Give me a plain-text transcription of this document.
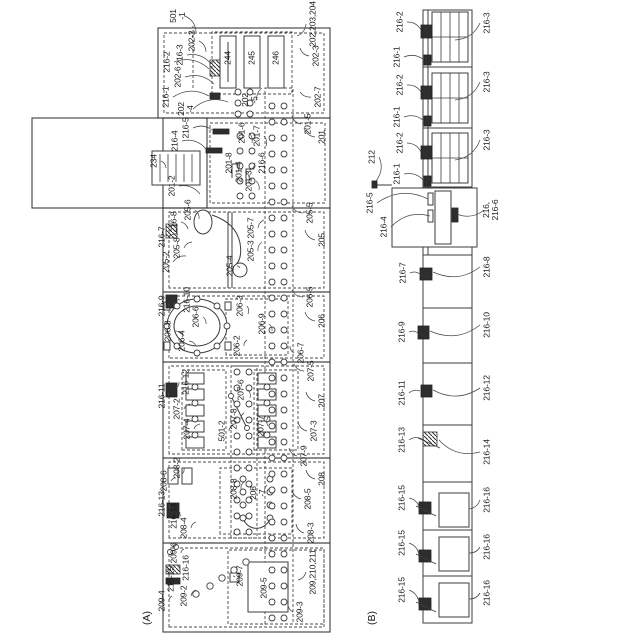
(A)	(B)
501
-1
202-2
216-2 216-3
202-6
216-1
202
-4
244 245 246
202,203,204
202-3
202
-5	202-7
201-5
201
201-6 201-7
216-5
216-4
234	216-6
201-8 201-4 201-3
201-2
205-6
216-8
216-7
205-8
205-2	205-4
205-3
205-7
205-5
205
206-5
216-10
216-9
206-6
206-8 206-4	206-2
206-3
206-9	206
206-7
207-5
216-12
216-11
207-2
207-4
207-6
207-8
501-2	207-7
207
207-3
207-9
208-2
208-6	208-8 208
-7
216-13 216-14 208-4
208
208-5
208-3
209-6
216-16
216-15
209-2
209-4
209-7
209-5	209,210,211
209-3
216-2
216-1
216-3
216-2
216-1
216-3
216-2
216-1
216-3
212
216-5
216-4
216,
216-6
216-7	216-8
216-9	216-10
216-11	216-12
216-13	216-14
216-15	216-16
216-15	216-16
216-15	216-16
